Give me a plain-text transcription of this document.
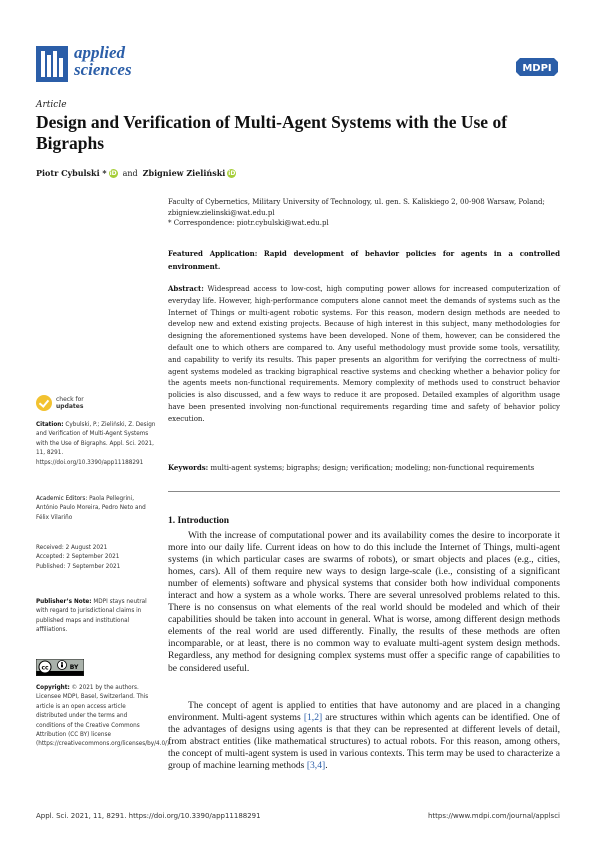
applied
sciences	MDPI
Article
Design and Verification of Multi-Agent Systems with the Use of Bigraphs
Piotr Cybulski * iD and Zbigniew Zieliński iD
Faculty of Cybernetics, Military University of Technology, ul. gen. S. Kaliskiego 2, 00-908 Warsaw, Poland;
zbigniew.zielinski@wat.edu.pl
* Correspondence: piotr.cybulski@wat.edu.pl
Featured Application: Rapid development of behavior policies for agents in a controlled environment.
Abstract: Widespread access to low-cost, high computing power allows for increased computerization of everyday life. However, high-performance computers alone cannot meet the demands of systems such as the Internet of Things or multi-agent robotic systems. For this reason, modern design methods are needed to develop new and extend existing projects. Because of high interest in this subject, many methodologies for designing the aforementioned systems have been developed. None of them, however, can be considered the default one to which others are compared to. Any useful methodology must provide some tools, versatility, and capability to verify its results. This paper presents an algorithm for verifying the correctness of multi-agent systems modeled as tracking bigraphical reactive systems and checking whether a behavior policy for the agents meets non-functional requirements. Memory complexity of methods used to construct behavior policies is also discussed, and a few ways to reduce it are proposed. Detailed examples of algorithm usage have been presented involving non-functional requirements regarding time and safety of behavior policy execution.
Keywords: multi-agent systems; bigraphs; design; verification; modeling; non-functional requirements
check for
updates
Citation: Cybulski, P.; Zieliński, Z. Design and Verification of Multi-Agent Systems with the Use of Bigraphs. Appl. Sci. 2021, 11, 8291. https://doi.org/10.3390/app11188291
Academic Editors: Paola Pellegrini, António Paulo Moreira, Pedro Neto and Félix Vilariño
Received: 2 August 2021
Accepted: 2 September 2021
Published: 7 September 2021
Publisher’s Note: MDPI stays neutral with regard to jurisdictional claims in published maps and institutional affiliations.
cc	BY
Copyright: © 2021 by the authors. Licensee MDPI, Basel, Switzerland. This article is an open access article distributed under the terms and conditions of the Creative Commons Attribution (CC BY) license (https://creativecommons.org/licenses/by/4.0/).
1. Introduction
With the increase of computational power and its availability comes the desire to incorporate it more into our daily life. Current ideas on how to do this include the Internet of Things, multi-agent systems (in which particular cases are swarms of robots), or smart objects and places (e.g., cities, homes, cars). All of them require new ways to design large-scale (i.e., consisting of a significant number of elements) software and physical systems that consider both how individual components interact and how a system as a whole works. There are several unresolved problems related to this. There is no consensus on what elements of the real world should be modeled and which of their capabilities should be taken into account in general. What is worse, among different design methods elements of the real world are used differently. Finally, the results of these methods are often incomparable, or at least, there is no common way to evaluate multi-agent system design methods. Regardless, any method for designing complex systems must offer a specific range of capabilities to be considered useful.
The concept of agent is applied to entities that have autonomy and are placed in a changing environment. Multi-agent systems [1,2] are structures within which agents can be identified. One of the advantages of designs using agents is that they can be represented at different levels of detail, from abstract entities (like mathematical structures) to actual robots. For this reason, among others, the concept of multi-agent system is used in various contexts. This term may be used to characterize a group of machine learning methods [3,4].
Appl. Sci. 2021, 11, 8291. https://doi.org/10.3390/app11188291	https://www.mdpi.com/journal/applsci
